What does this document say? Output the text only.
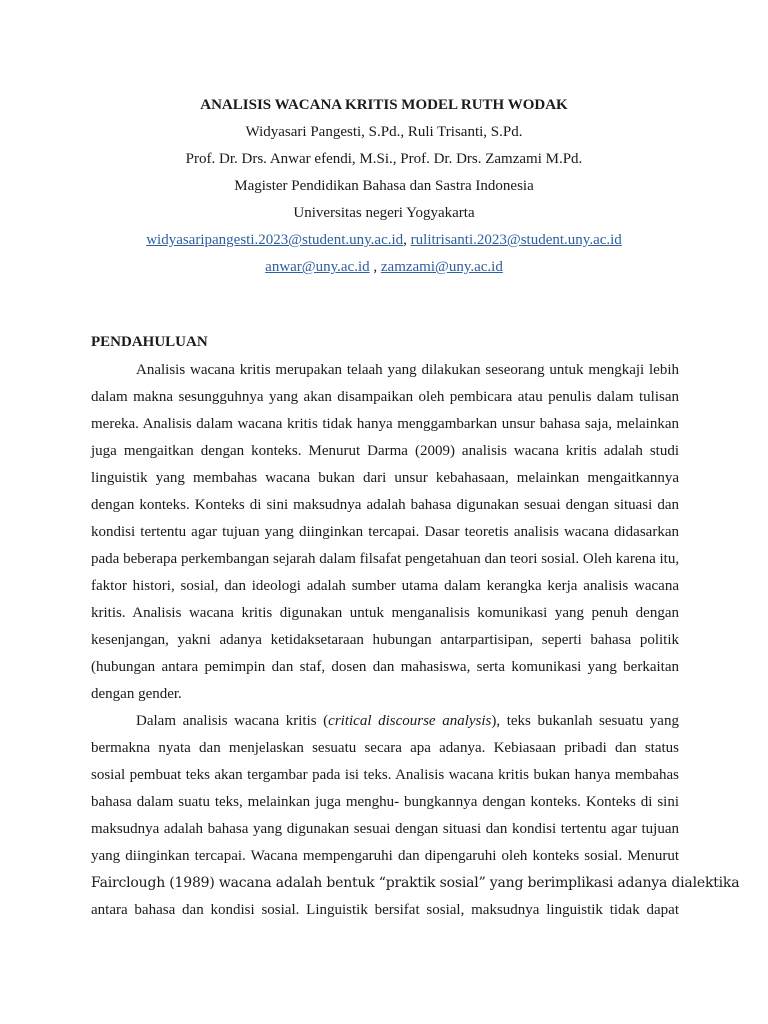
ANALISIS WACANA KRITIS MODEL RUTH WODAK
Widyasari Pangesti, S.Pd., Ruli Trisanti, S.Pd.
Prof. Dr. Drs. Anwar efendi, M.Si., Prof. Dr. Drs. Zamzami M.Pd.
Magister Pendidikan Bahasa dan Sastra Indonesia
Universitas negeri Yogyakarta
widyasaripangesti.2023@student.uny.ac.id, rulitrisanti.2023@student.uny.ac.id
anwar@uny.ac.id , zamzami@uny.ac.id
PENDAHULUAN
Analisis wacana kritis merupakan telaah yang dilakukan seseorang untuk mengkaji lebih
dalam makna sesungguhnya yang akan disampaikan oleh pembicara atau penulis dalam tulisan
mereka. Analisis dalam wacana kritis tidak hanya menggambarkan unsur bahasa saja, melainkan
juga mengaitkan dengan konteks. Menurut Darma (2009) analisis wacana kritis adalah studi
linguistik yang membahas wacana bukan dari unsur kebahasaan, melainkan mengaitkannya
dengan konteks. Konteks di sini maksudnya adalah bahasa digunakan sesuai dengan situasi dan
kondisi tertentu agar tujuan yang diinginkan tercapai. Dasar teoretis analisis wacana didasarkan
pada beberapa perkembangan sejarah dalam filsafat pengetahuan dan teori sosial. Oleh karena itu,
faktor histori, sosial, dan ideologi adalah sumber utama dalam kerangka kerja analisis wacana
kritis. Analisis wacana kritis digunakan untuk menganalisis komunikasi yang penuh dengan
kesenjangan, yakni adanya ketidaksetaraan hubungan antarpartisipan, seperti bahasa politik
(hubungan antara pemimpin dan staf, dosen dan mahasiswa, serta komunikasi yang berkaitan
dengan gender.
Dalam analisis wacana kritis (critical discourse analysis), teks bukanlah sesuatu yang
bermakna nyata dan menjelaskan sesuatu secara apa adanya. Kebiasaan pribadi dan status
sosial pembuat teks akan tergambar pada isi teks. Analisis wacana kritis bukan hanya membahas
bahasa dalam suatu teks, melainkan juga menghu- bungkannya dengan konteks. Konteks di sini
maksudnya adalah bahasa yang digunakan sesuai dengan situasi dan kondisi tertentu agar tujuan
yang diinginkan tercapai. Wacana mempengaruhi dan dipengaruhi oleh konteks sosial. Menurut
Fairclough (1989) wacana adalah bentuk “praktik sosial” yang berimplikasi adanya dialektika
antara bahasa dan kondisi sosial. Linguistik bersifat sosial, maksudnya linguistik tidak dapat
